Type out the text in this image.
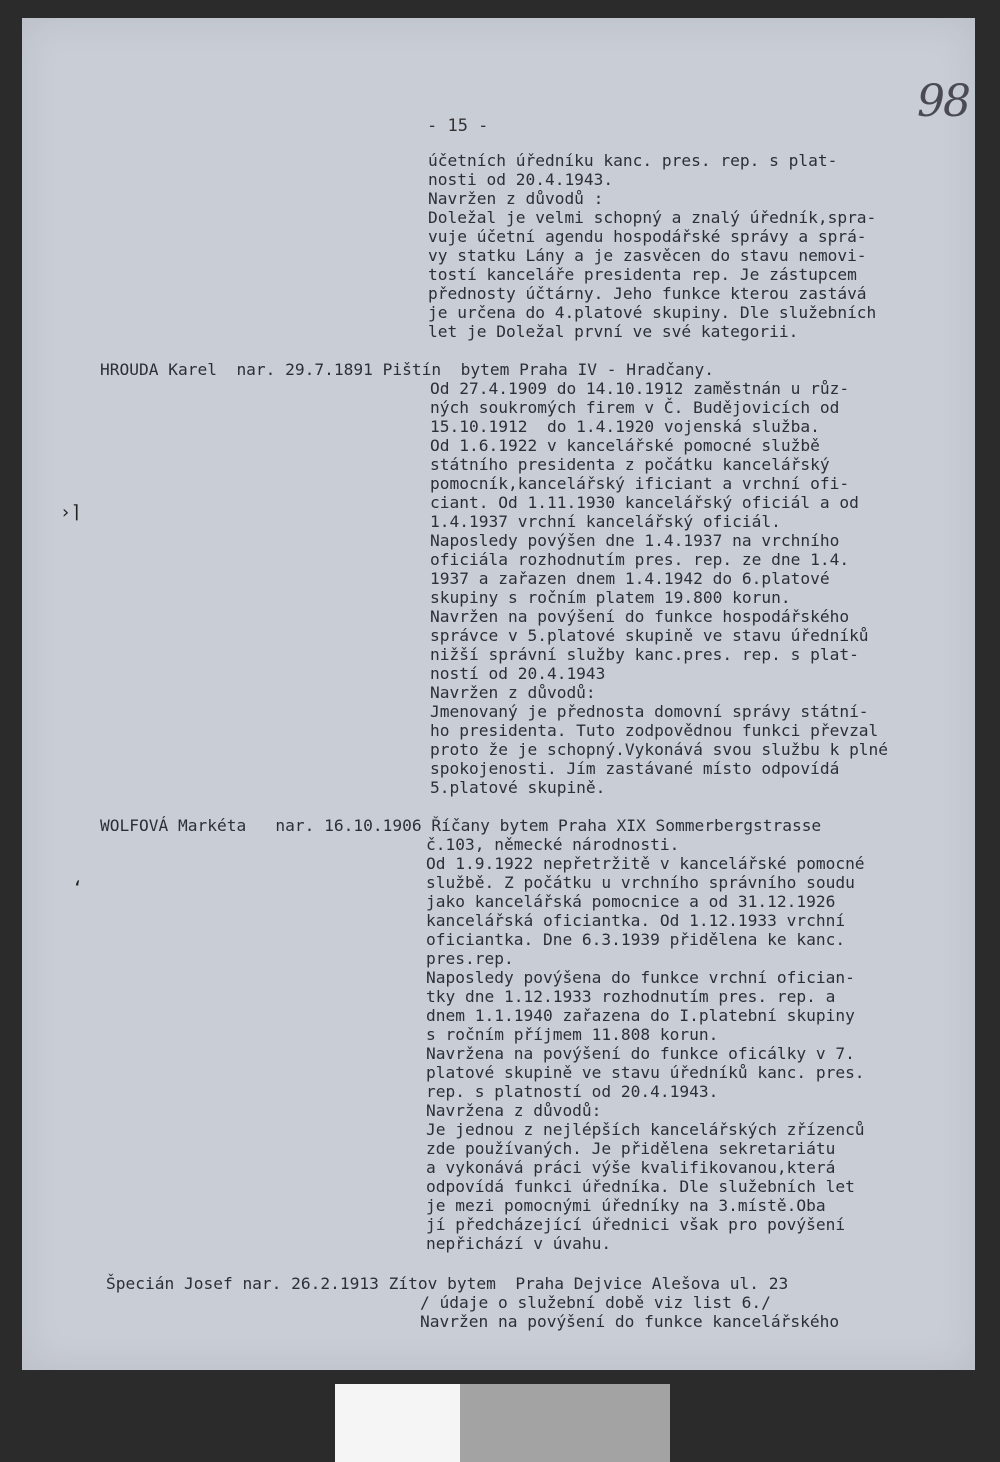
98
- 15 -
›⌉
ʻ
účetních úředníku kanc. pres. rep. s plat-
nosti od 20.4.1943.
Navržen z důvodů :
Doležal je velmi schopný a znalý úředník,spra-
vuje účetní agendu hospodářské správy a sprá-
vy statku Lány a je zasvěcen do stavu nemovi-
tostí kanceláře presidenta rep. Je zástupcem
přednosty účtárny. Jeho funkce kterou zastává
je určena do 4.platové skupiny. Dle služebních
let je Doležal první ve své kategorii.
HROUDA Karel  nar. 29.7.1891 Pištín  bytem Praha IV - Hradčany.
Od 27.4.1909 do 14.10.1912 zaměstnán u růz-
ných soukromých firem v Č. Budějovicích od
15.10.1912  do 1.4.1920 vojenská služba.
Od 1.6.1922 v kancelářské pomocné službě
státního presidenta z počátku kancelářský
pomocník,kancelářský ificiant a vrchní ofi-
ciant. Od 1.11.1930 kancelářský oficiál a od
1.4.1937 vrchní kancelářský oficiál.
Naposledy povýšen dne 1.4.1937 na vrchního
oficiála rozhodnutím pres. rep. ze dne 1.4.
1937 a zařazen dnem 1.4.1942 do 6.platové
skupiny s ročním platem 19.800 korun.
Navržen na povýšení do funkce hospodářského
správce v 5.platové skupině ve stavu úředníků
nižší správní služby kanc.pres. rep. s plat-
ností od 20.4.1943
Navržen z důvodů:
Jmenovaný je přednosta domovní správy státní-
ho presidenta. Tuto zodpovědnou funkci převzal
proto že je schopný.Vykonává svou službu k plné
spokojenosti. Jím zastávané místo odpovídá
5.platové skupině.
WOLFOVÁ Markéta   nar. 16.10.1906 Říčany bytem Praha XIX Sommerbergstrasse
č.103, německé národnosti.
Od 1.9.1922 nepřetržitě v kancelářské pomocné
službě. Z počátku u vrchního správního soudu
jako kancelářská pomocnice a od 31.12.1926
kancelářská oficiantka. Od 1.12.1933 vrchní
oficiantka. Dne 6.3.1939 přidělena ke kanc.
pres.rep.
Naposledy povýšena do funkce vrchní ofician-
tky dne 1.12.1933 rozhodnutím pres. rep. a
dnem 1.1.1940 zařazena do I.platební skupiny
s ročním příjmem 11.808 korun.
Navržena na povýšení do funkce oficálky v 7.
platové skupině ve stavu úředníků kanc. pres.
rep. s platností od 20.4.1943.
Navržena z důvodů:
Je jednou z nejlépších kancelářských zřízenců
zde používaných. Je přidělena sekretariátu
a vykonává práci výše kvalifikovanou,která
odpovídá funkci úředníka. Dle služebních let
je mezi pomocnými úředníky na 3.místě.Oba
jí předcházející úřednici však pro povýšení
nepřichází v úvahu.
Špecián Josef nar. 26.2.1913 Zítov bytem  Praha Dejvice Alešova ul. 23
/ údaje o služební době viz list 6./
Navržen na povýšení do funkce kancelářského
